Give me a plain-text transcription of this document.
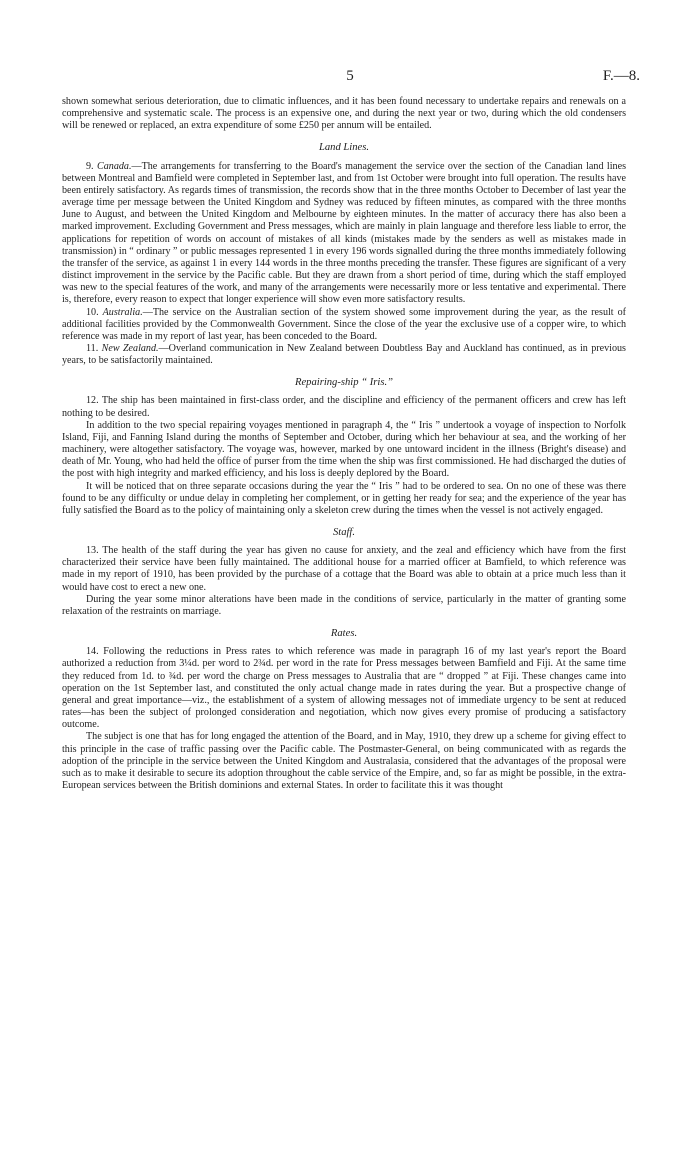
5	F.—8.

shown somewhat serious deterioration, due to climatic influences, and it has been found necessary to undertake repairs and renewals on a comprehensive and systematic scale. The process is an expensive one, and during the next year or two, during which the old condensers will be renewed or replaced, an extra expenditure of some £250 per annum will be entailed.

Land Lines.

9. Canada.—The arrangements for transferring to the Board's management the service over the section of the Canadian land lines between Montreal and Bamfield were completed in September last, and from 1st October were brought into full operation. The results have been entirely satisfactory. As regards times of transmission, the records show that in the three months October to December of last year the average time per message between the United Kingdom and Sydney was reduced by fifteen minutes, as compared with the three months June to August, and between the United Kingdom and Melbourne by eighteen minutes. In the matter of accuracy there has also been a marked improvement. Excluding Government and Press messages, which are mainly in plain language and therefore less liable to error, the applications for repetition of words on account of mistakes of all kinds (mistakes made by the senders as well as mistakes made in transmission) in “ ordinary ” or public messages represented 1 in every 196 words signalled during the three months immediately following the transfer of the service, as against 1 in every 144 words in the three months preceding the transfer. These figures are significant of a very distinct improvement in the service by the Pacific cable. But they are drawn from a short period of time, during which the staff employed was new to the special features of the work, and many of the arrangements were necessarily more or less tentative and experimental. There is, therefore, every reason to expect that longer experience will show even more satisfactory results.

10. Australia.—The service on the Australian section of the system showed some improvement during the year, as the result of additional facilities provided by the Commonwealth Government. Since the close of the year the exclusive use of a copper wire, to which reference was made in my report of last year, has been conceded to the Board.

11. New Zealand.—Overland communication in New Zealand between Doubtless Bay and Auckland has continued, as in previous years, to be satisfactorily maintained.

Repairing-ship “ Iris.”

12. The ship has been maintained in first-class order, and the discipline and efficiency of the permanent officers and crew has left nothing to be desired.

In addition to the two special repairing voyages mentioned in paragraph 4, the “ Iris ” undertook a voyage of inspection to Norfolk Island, Fiji, and Fanning Island during the months of September and October, during which her behaviour at sea, and the working of her machinery, were altogether satisfactory. The voyage was, however, marked by one untoward incident in the illness (Bright's disease) and death of Mr. Young, who had held the office of purser from the time when the ship was first commissioned. He had discharged the duties of the post with high integrity and marked efficiency, and his loss is deeply deplored by the Board.

It will be noticed that on three separate occasions during the year the “ Iris ” had to be ordered to sea. On no one of these was there found to be any difficulty or undue delay in completing her complement, or in getting her ready for sea; and the experience of the year has fully satisfied the Board as to the policy of maintaining only a skeleton crew during the times when the vessel is not actively engaged.

Staff.

13. The health of the staff during the year has given no cause for anxiety, and the zeal and efficiency which have from the first characterized their service have been fully maintained. The additional house for a married officer at Bamfield, to which reference was made in my report of 1910, has been provided by the purchase of a cottage that the Board was able to obtain at a price much less than it would have cost to erect a new one.

During the year some minor alterations have been made in the conditions of service, particularly in the matter of granting some relaxation of the restraints on marriage.

Rates.

14. Following the reductions in Press rates to which reference was made in paragraph 16 of my last year's report the Board authorized a reduction from 3¼d. per word to 2¾d. per word in the rate for Press messages between Bamfield and Fiji. At the same time they reduced from 1d. to ¾d. per word the charge on Press messages to Australia that are “ dropped ” at Fiji. These changes came into operation on the 1st September last, and constituted the only actual change made in rates during the year. But a prospective change of general and great importance—viz., the establishment of a system of allowing messages not of immediate urgency to be sent at reduced rates—has been the subject of prolonged consideration and negotiation, which now gives every promise of producing a satisfactory outcome.

The subject is one that has for long engaged the attention of the Board, and in May, 1910, they drew up a scheme for giving effect to this principle in the case of traffic passing over the Pacific cable. The Postmaster-General, on being communicated with as regards the adoption of the principle in the service between the United Kingdom and Australasia, considered that the advantages of the proposal were such as to make it desirable to secure its adoption throughout the cable service of the Empire, and, so far as might be possible, in the extra-European services between the British dominions and external States. In order to facilitate this it was thought
